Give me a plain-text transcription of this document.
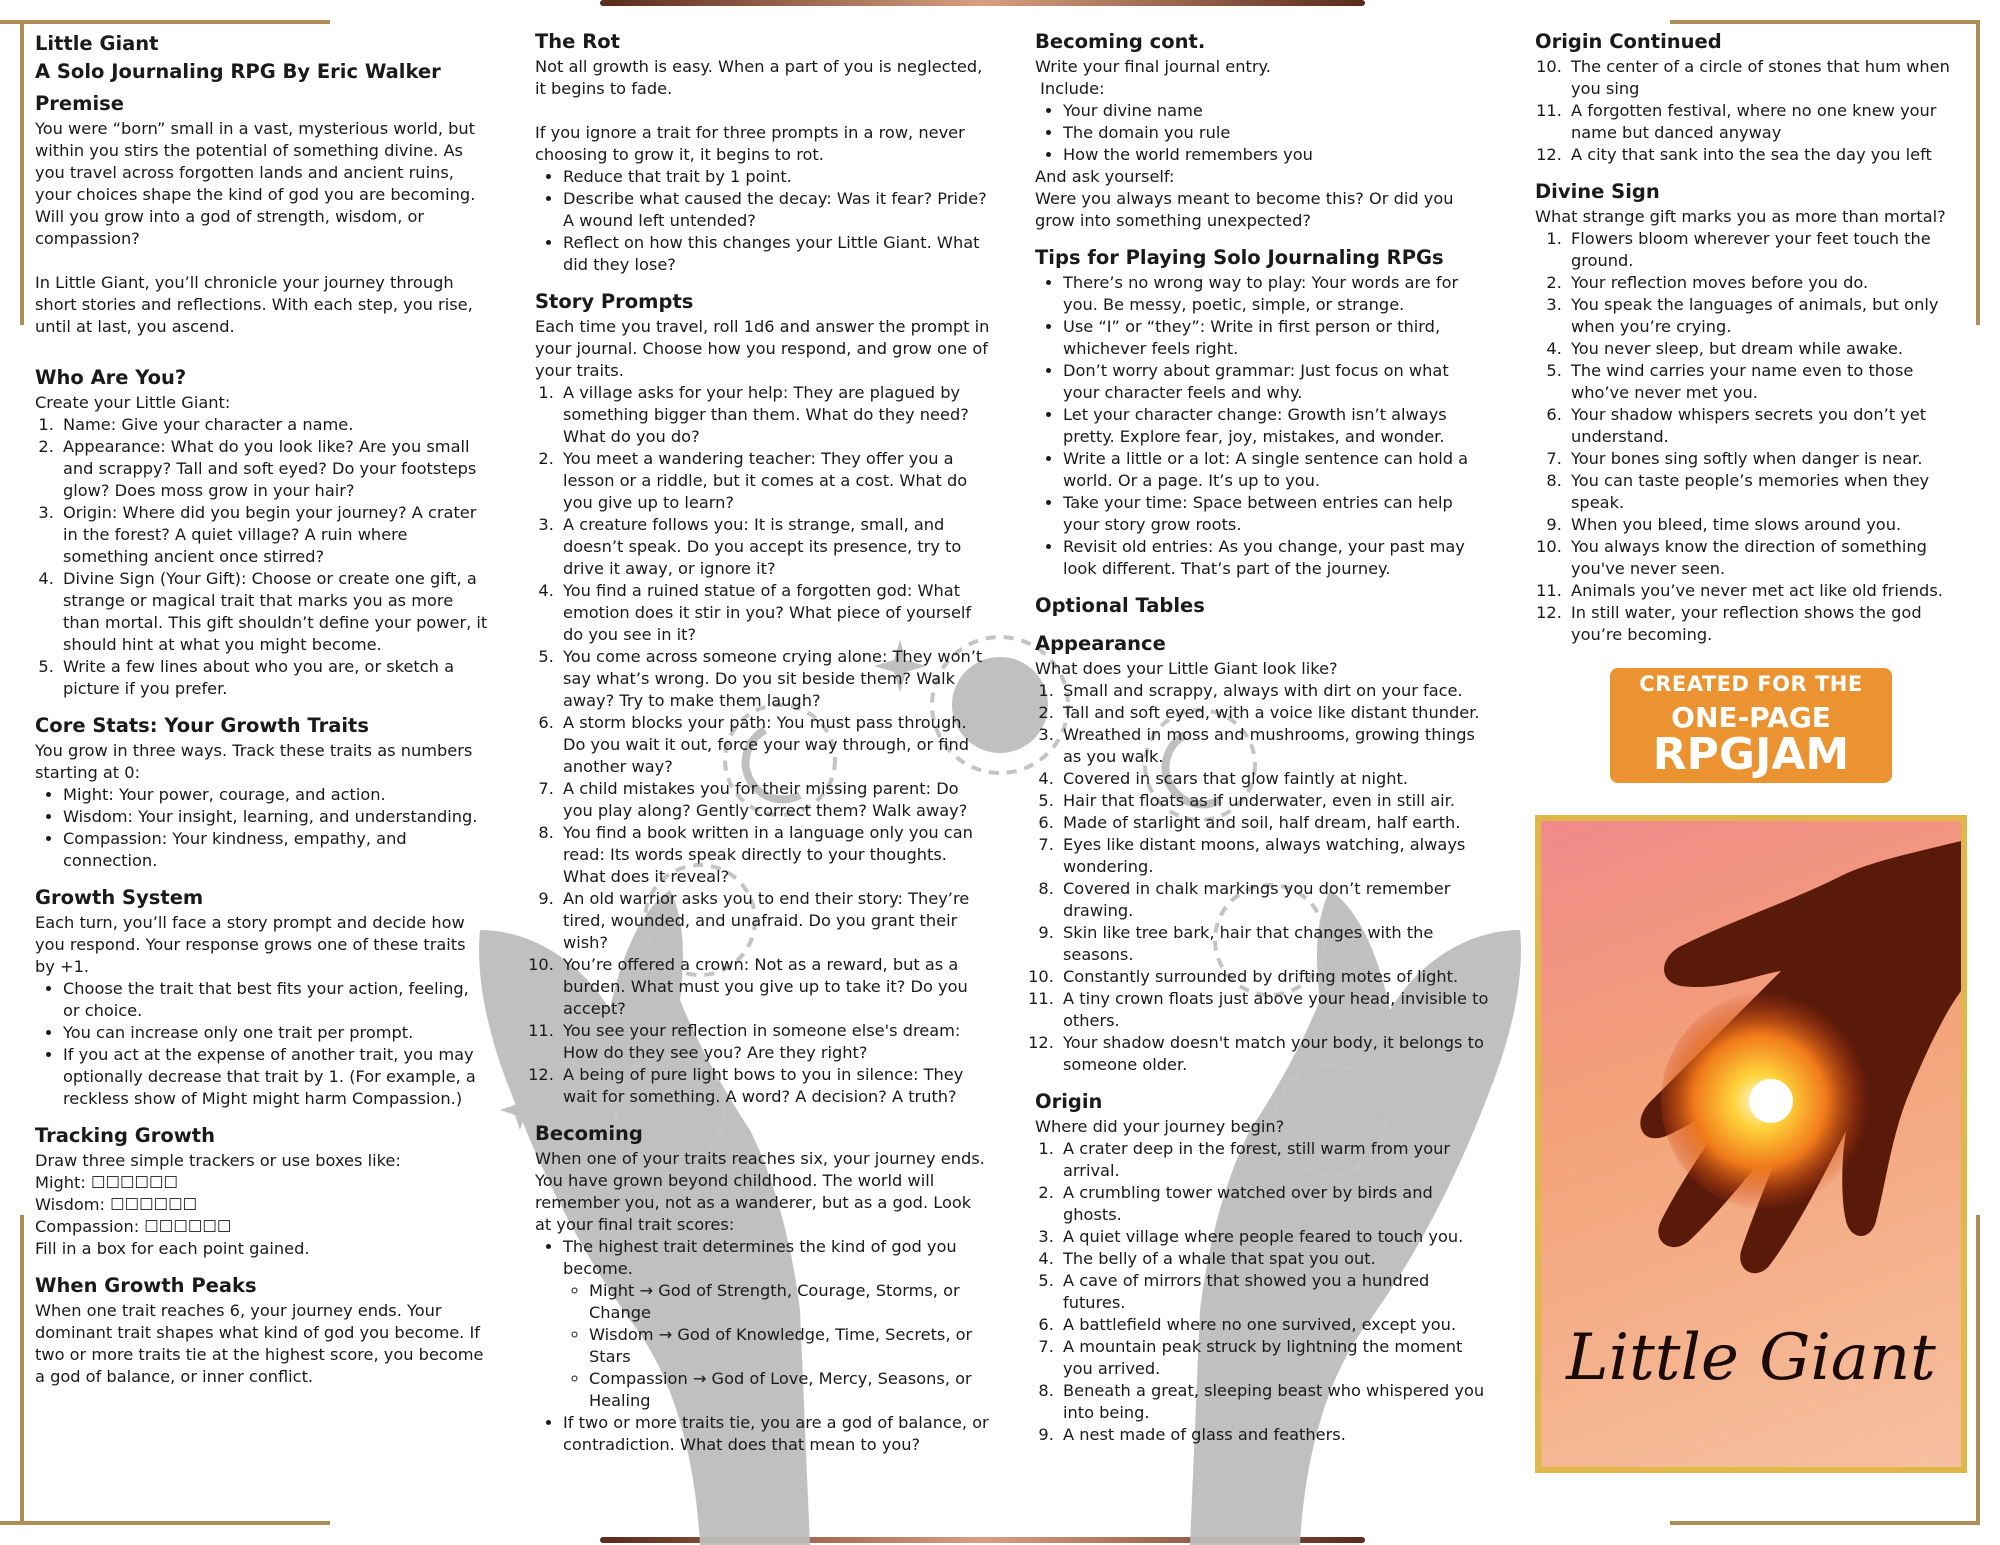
Little Giant
A Solo Journaling RPG By Eric Walker
Premise

You were “born” small in a vast, mysterious world, but within you stirs the potential of something divine. As you travel across forgotten lands and ancient ruins, your choices shape the kind of god you are becoming. Will you grow into a god of strength, wisdom, or compassion?

In Little Giant, you’ll chronicle your journey through short stories and reflections. With each step, you rise, until at last, you ascend.

Who Are You?

Create your Little Giant:

1. Name: Give your character a name.
2. Appearance: What do you look like? Are you small and scrappy? Tall and soft eyed? Do your footsteps glow? Does moss grow in your hair?
3. Origin: Where did you begin your journey? A crater in the forest? A quiet village? A ruin where something ancient once stirred?
4. Divine Sign (Your Gift): Choose or create one gift, a strange or magical trait that marks you as more than mortal. This gift shouldn’t define your power, it should hint at what you might become.
5. Write a few lines about who you are, or sketch a picture if you prefer.
Core Stats: Your Growth Traits

You grow in three ways. Track these traits as numbers starting at 0:

• Might: Your power, courage, and action.
• Wisdom: Your insight, learning, and understanding.
• Compassion: Your kindness, empathy, and connection.
Growth System

Each turn, you’ll face a story prompt and decide how you respond. Your response grows one of these traits by +1.

• Choose the trait that best fits your action, feeling, or choice.
• You can increase only one trait per prompt.
• If you act at the expense of another trait, you may optionally decrease that trait by 1. (For example, a reckless show of Might might harm Compassion.)
Tracking Growth

Draw three simple trackers or use boxes like:

Might: ☐☐☐☐☐☐

Wisdom: ☐☐☐☐☐☐

Compassion: ☐☐☐☐☐☐

Fill in a box for each point gained.

When Growth Peaks

When one trait reaches 6, your journey ends. Your dominant trait shapes what kind of god you become. If two or more traits tie at the highest score, you become a god of balance, or inner conflict.

The Rot

Not all growth is easy. When a part of you is neglected, it begins to fade.

If you ignore a trait for three prompts in a row, never choosing to grow it, it begins to rot.

• Reduce that trait by 1 point.
• Describe what caused the decay: Was it fear? Pride? A wound left untended?
• Reflect on how this changes your Little Giant. What did they lose?
Story Prompts

Each time you travel, roll 1d6 and answer the prompt in your journal. Choose how you respond, and grow one of your traits.

1. A village asks for your help: They are plagued by something bigger than them. What do they need? What do you do?
2. You meet a wandering teacher: They offer you a lesson or a riddle, but it comes at a cost. What do you give up to learn?
3. A creature follows you: It is strange, small, and doesn’t speak. Do you accept its presence, try to drive it away, or ignore it?
4. You find a ruined statue of a forgotten god: What emotion does it stir in you? What piece of yourself do you see in it?
5. You come across someone crying alone: They won’t say what’s wrong. Do you sit beside them? Walk away? Try to make them laugh?
6. A storm blocks your path: You must pass through. Do you wait it out, force your way through, or find another way?
7. A child mistakes you for their missing parent: Do you play along? Gently correct them? Walk away?
8. You find a book written in a language only you can read: Its words speak directly to your thoughts. What does it reveal?
9. An old warrior asks you to end their story: They’re tired, wounded, and unafraid. Do you grant their wish?
10. You’re offered a crown: Not as a reward, but as a burden. What must you give up to take it? Do you accept?
11. You see your reflection in someone else's dream: How do they see you? Are they right?
12. A being of pure light bows to you in silence: They wait for something. A word? A decision? A truth?
Becoming

When one of your traits reaches six, your journey ends. You have grown beyond childhood. The world will remember you, not as a wanderer, but as a god. Look at your final trait scores:

• The highest trait determines the kind of god you become.
◦ Might → God of Strength, Courage, Storms, or Change
◦ Wisdom → God of Knowledge, Time, Secrets, or Stars
◦ Compassion → God of Love, Mercy, Seasons, or Healing
• If two or more traits tie, you are a god of balance, or contradiction. What does that mean to you?
Becoming cont.

Write your final journal entry.

Include:

• Your divine name
• The domain you rule
• How the world remembers you

And ask yourself:

Were you always meant to become this? Or did you grow into something unexpected?

Tips for Playing Solo Journaling RPGs
• There’s no wrong way to play: Your words are for you. Be messy, poetic, simple, or strange.
• Use “I” or “they”: Write in first person or third, whichever feels right.
• Don’t worry about grammar: Just focus on what your character feels and why.
• Let your character change: Growth isn’t always pretty. Explore fear, joy, mistakes, and wonder.
• Write a little or a lot: A single sentence can hold a world. Or a page. It’s up to you.
• Take your time: Space between entries can help your story grow roots.
• Revisit old entries: As you change, your past may look different. That’s part of the journey.
Optional Tables
Appearance

What does your Little Giant look like?

1. Small and scrappy, always with dirt on your face.
2. Tall and soft eyed, with a voice like distant thunder.
3. Wreathed in moss and mushrooms, growing things as you walk.
4. Covered in scars that glow faintly at night.
5. Hair that floats as if underwater, even in still air.
6. Made of starlight and soil, half dream, half earth.
7. Eyes like distant moons, always watching, always wondering.
8. Covered in chalk markings you don’t remember drawing.
9. Skin like tree bark, hair that changes with the seasons.
10. Constantly surrounded by drifting motes of light.
11. A tiny crown floats just above your head, invisible to others.
12. Your shadow doesn't match your body, it belongs to someone older.
Origin

Where did your journey begin?

1. A crater deep in the forest, still warm from your arrival.
2. A crumbling tower watched over by birds and ghosts.
3. A quiet village where people feared to touch you.
4. The belly of a whale that spat you out.
5. A cave of mirrors that showed you a hundred futures.
6. A battlefield where no one survived, except you.
7. A mountain peak struck by lightning the moment you arrived.
8. Beneath a great, sleeping beast who whispered you into being.
9. A nest made of glass and feathers.
Origin Continued
10. The center of a circle of stones that hum when you sing
11. A forgotten festival, where no one knew your name but danced anyway
12. A city that sank into the sea the day you left
Divine Sign

What strange gift marks you as more than mortal?

1. Flowers bloom wherever your feet touch the ground.
2. Your reflection moves before you do.
3. You speak the languages of animals, but only when you’re crying.
4. You never sleep, but dream while awake.
5. The wind carries your name even to those who’ve never met you.
6. Your shadow whispers secrets you don’t yet understand.
7. Your bones sing softly when danger is near.
8. You can taste people’s memories when they speak.
9. When you bleed, time slows around you.
10. You always know the direction of something you've never seen.
11. Animals you’ve never met act like old friends.
12. In still water, your reflection shows the god you’re becoming.
CREATED FOR THE
ONE-PAGE
RPGJAM
Little Giant
